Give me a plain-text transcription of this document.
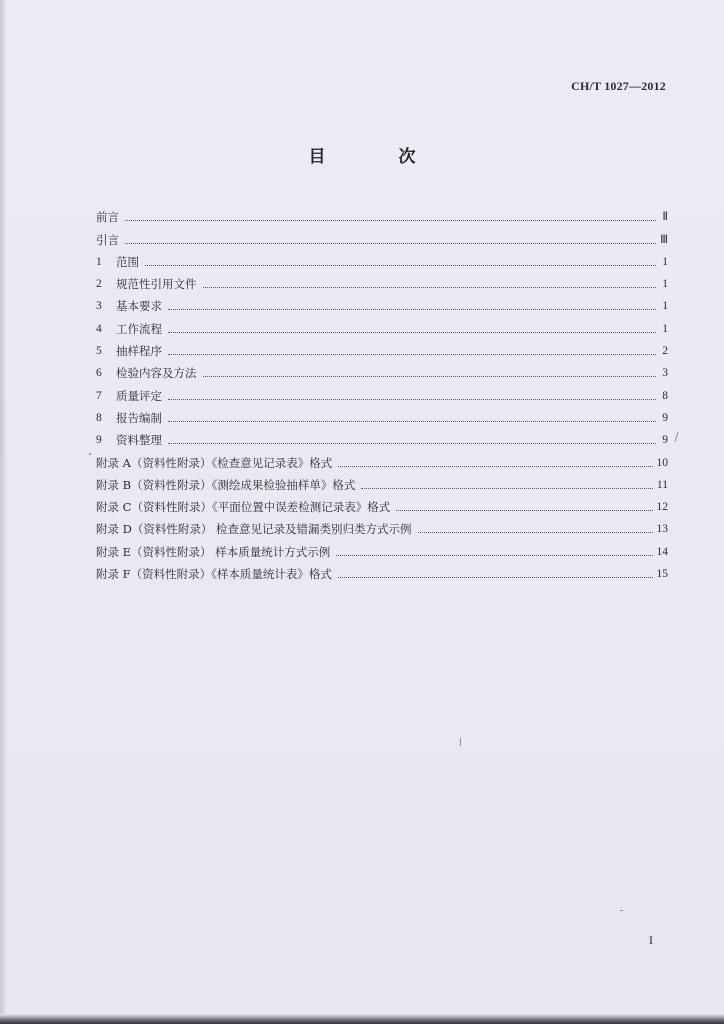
CH/T 1027—2012
目　次
前言	Ⅱ
引言	Ⅲ
1	范围	1
2	规范性引用文件	1
3	基本要求	1
4	工作流程	1
5	抽样程序	2
6	检验内容及方法	3
7	质量评定	8
8	报告编制	9
9	资料整理	9
附录 A（资料性附录）《检查意见记录表》格式	10
附录 B（资料性附录）《测绘成果检验抽样单》格式	11
附录 C（资料性附录）《平面位置中误差检测记录表》格式	12
附录 D（资料性附录） 检查意见记录及错漏类别归类方式示例	13
附录 E（资料性附录） 样本质量统计方式示例	14
附录 F（资料性附录）《样本质量统计表》格式	15
I
